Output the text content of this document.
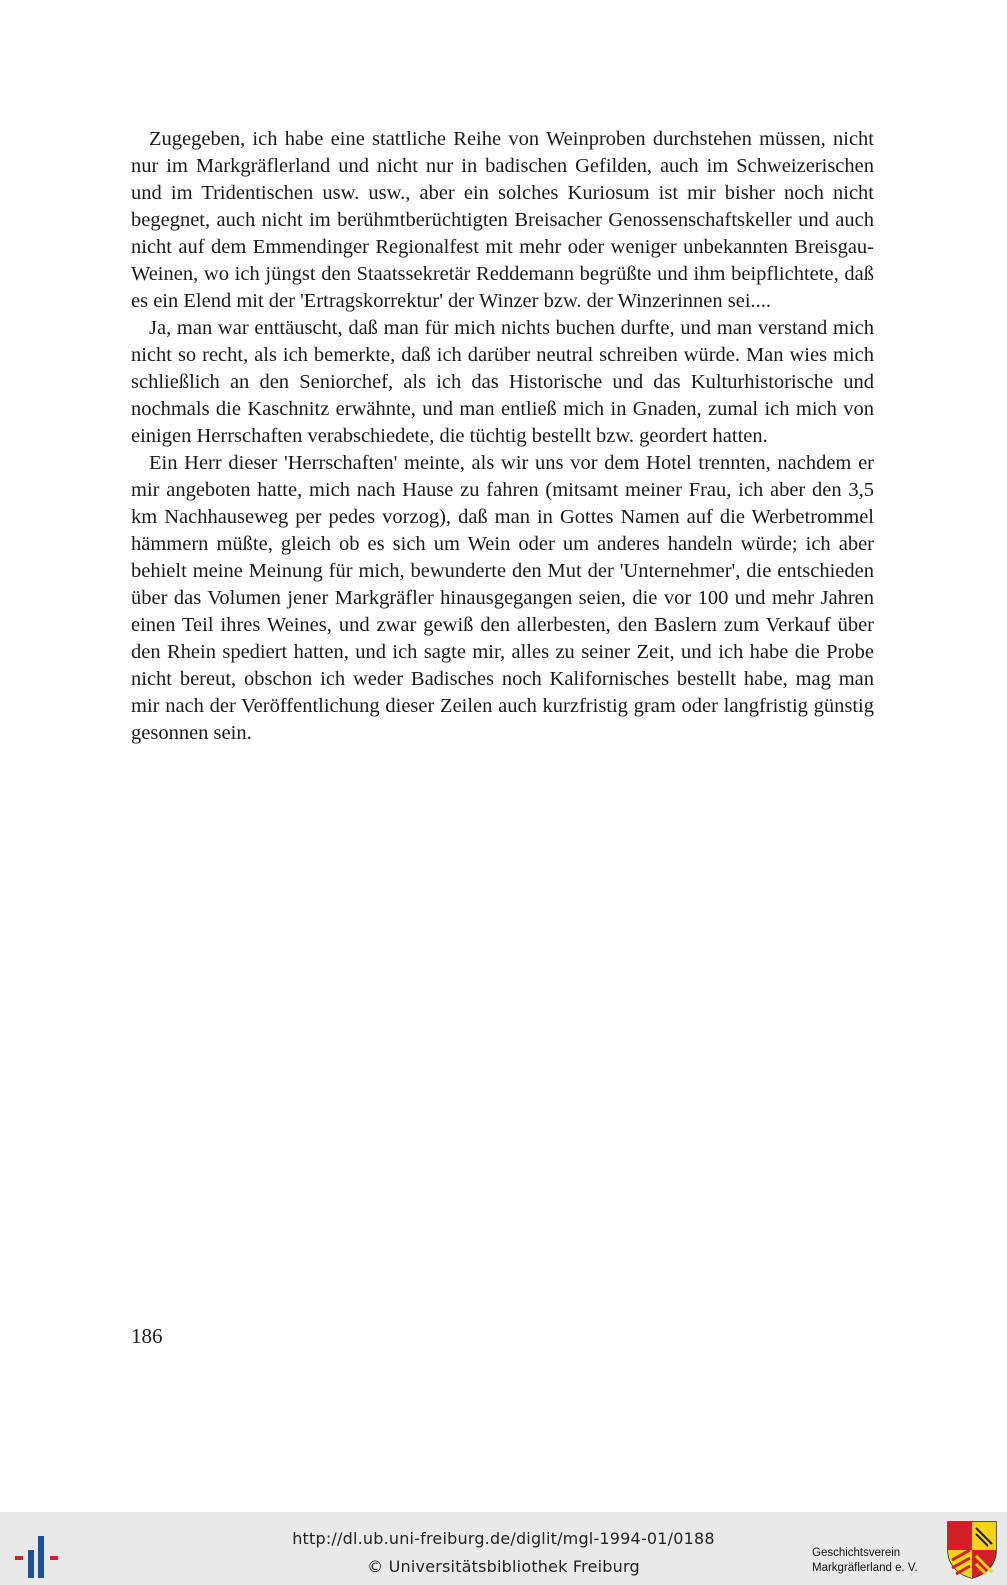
Zugegeben, ich habe eine stattliche Reihe von Weinproben durchstehen müssen, nicht nur im Markgräflerland und nicht nur in badischen Gefilden, auch im Schweizerischen und im Tridentischen usw. usw., aber ein solches Kuriosum ist mir bisher noch nicht begegnet, auch nicht im berühmtberüchtigten Breisacher Genossenschaftskeller und auch nicht auf dem Emmendinger Regionalfest mit mehr oder weniger unbekannten Breisgau-Weinen, wo ich jüngst den Staatssekretär Reddemann begrüßte und ihm beipflichtete, daß es ein Elend mit der 'Ertragskorrektur' der Winzer bzw. der Winzerinnen sei....

Ja, man war enttäuscht, daß man für mich nichts buchen durfte, und man verstand mich nicht so recht, als ich bemerkte, daß ich darüber neutral schreiben würde. Man wies mich schließlich an den Seniorchef, als ich das Historische und das Kulturhistorische und nochmals die Kaschnitz erwähnte, und man entließ mich in Gnaden, zumal ich mich von einigen Herrschaften verabschiedete, die tüchtig bestellt bzw. geordert hatten.

Ein Herr dieser 'Herrschaften' meinte, als wir uns vor dem Hotel trennten, nachdem er mir angeboten hatte, mich nach Hause zu fahren (mitsamt meiner Frau, ich aber den 3,5 km Nachhauseweg per pedes vorzog), daß man in Gottes Namen auf die Werbetrommel hämmern müßte, gleich ob es sich um Wein oder um anderes handeln würde; ich aber behielt meine Meinung für mich, bewunderte den Mut der 'Unternehmer', die entschieden über das Volumen jener Markgräfler hinausgegangen seien, die vor 100 und mehr Jahren einen Teil ihres Weines, und zwar gewiß den allerbesten, den Baslern zum Verkauf über den Rhein spediert hatten, und ich sagte mir, alles zu seiner Zeit, und ich habe die Probe nicht bereut, obschon ich weder Badisches noch Kalifornisches bestellt habe, mag man mir nach der Veröffentlichung dieser Zeilen auch kurzfristig gram oder langfristig günstig gesonnen sein.

186
http://dl.ub.uni-freiburg.de/diglit/mgl-1994-01/0188
© Universitätsbibliothek Freiburg
Geschichtsverein
Markgräflerland e. V.
